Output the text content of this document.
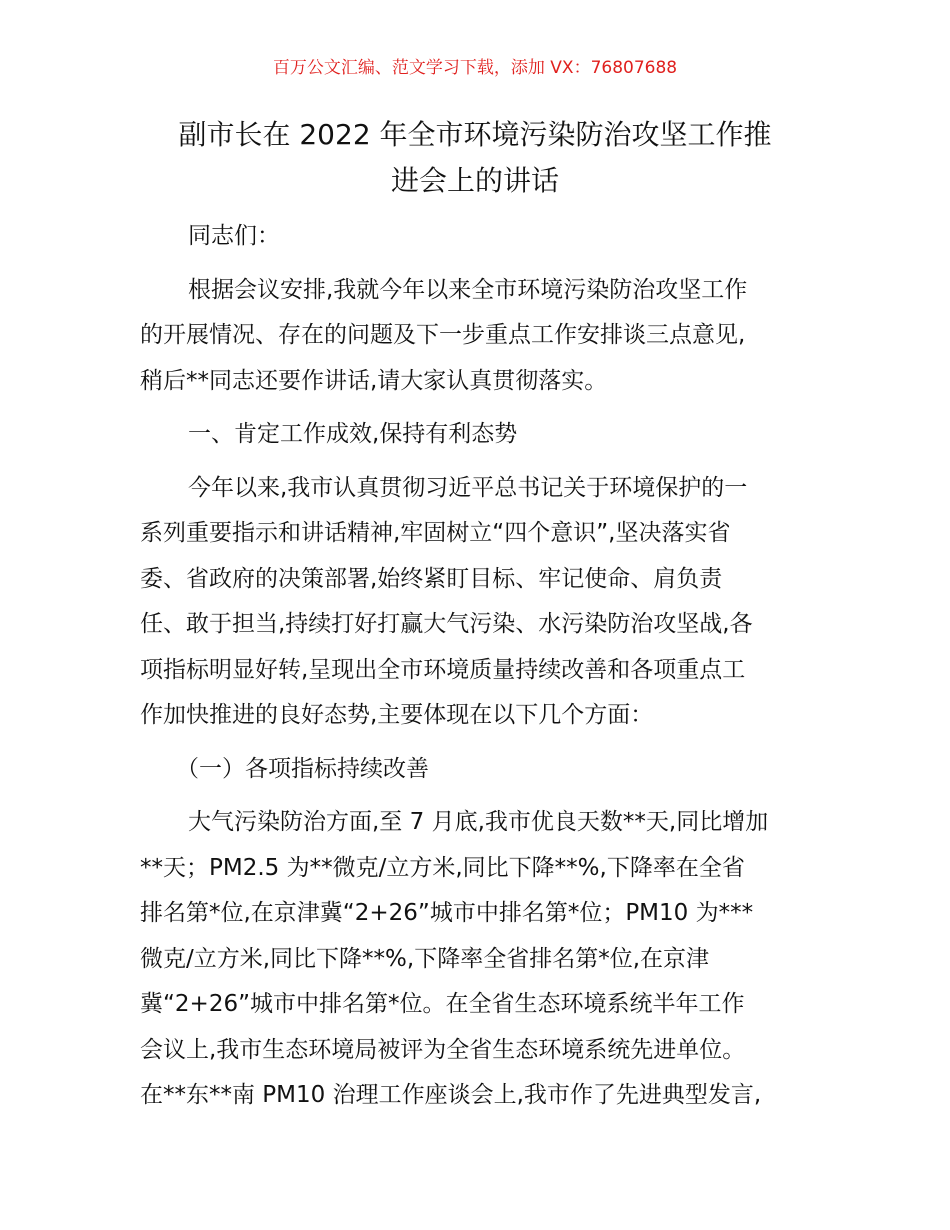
百万公文汇编、范文学习下载，添加 VX：76807688
副市长在 2022 年全市环境污染防治攻坚工作推
进会上的讲话
同志们：
根据会议安排,我就今年以来全市环境污染防治攻坚工作
的开展情况、存在的问题及下一步重点工作安排谈三点意见,
稍后**同志还要作讲话,请大家认真贯彻落实。
一、肯定工作成效,保持有利态势
今年以来,我市认真贯彻习近平总书记关于环境保护的一
系列重要指示和讲话精神,牢固树立“四个意识”,坚决落实省
委、省政府的决策部署,始终紧盯目标、牢记使命、肩负责
任、敢于担当,持续打好打赢大气污染、水污染防治攻坚战,各
项指标明显好转,呈现出全市环境质量持续改善和各项重点工
作加快推进的良好态势,主要体现在以下几个方面：
（一）各项指标持续改善
大气污染防治方面,至 7 月底,我市优良天数**天,同比增加
**天；PM2.5 为**微克/立方米,同比下降**%,下降率在全省
排名第*位,在京津冀“2+26”城市中排名第*位；PM10 为***
微克/立方米,同比下降**%,下降率全省排名第*位,在京津
冀“2+26”城市中排名第*位。在全省生态环境系统半年工作
会议上,我市生态环境局被评为全省生态环境系统先进单位。
在**东**南 PM10 治理工作座谈会上,我市作了先进典型发言,
